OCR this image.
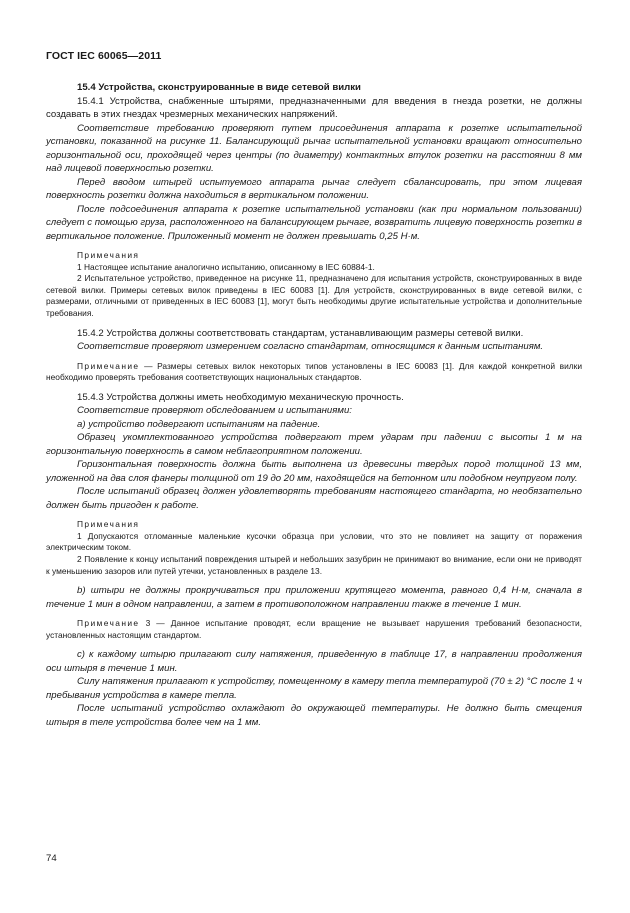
ГОСТ IEC 60065—2011

15.4 Устройства, сконструированные в виде сетевой вилки

15.4.1 Устройства, снабженные штырями, предназначенными для введения в гнезда розетки, не должны создавать в этих гнездах чрезмерных механических напряжений.

Соответствие требованию проверяют путем присоединения аппарата к розетке испытательной установки, показанной на рисунке 11. Балансирующий рычаг испытательной установки вращают относительно горизонтальной оси, проходящей через центры (по диаметру) контактных втулок розетки на расстоянии 8 мм над лицевой поверхностью розетки.

Перед вводом штырей испытуемого аппарата рычаг следует сбалансировать, при этом лицевая поверхность розетки должна находиться в вертикальном положении.

После подсоединения аппарата к розетке испытательной установки (как при нормальном пользовании) следует с помощью груза, расположенного на балансирующем рычаге, возвратить лицевую поверхность розетки в вертикальное положение. Приложенный момент не должен превышать 0,25 Н·м.

Примечания

1 Настоящее испытание аналогично испытанию, описанному в IEC 60884-1.

2 Испытательное устройство, приведенное на рисунке 11, предназначено для испытания устройств, сконструированных в виде сетевой вилки. Примеры сетевых вилок приведены в IEC 60083 [1]. Для устройств, сконструированных в виде сетевой вилки, с размерами, отличными от приведенных в IEC 60083 [1], могут быть необходимы другие испытательные устройства и дополнительные требования.

15.4.2 Устройства должны соответствовать стандартам, устанавливающим размеры сетевой вилки.

Соответствие проверяют измерением согласно стандартам, относящимся к данным испытаниям.

Примечание — Размеры сетевых вилок некоторых типов установлены в IEC 60083 [1]. Для каждой конкретной вилки необходимо проверять требования соответствующих национальных стандартов.

15.4.3 Устройства должны иметь необходимую механическую прочность.

Соответствие проверяют обследованием и испытаниями:

а) устройство подвергают испытаниям на падение.

Образец укомплектованного устройства подвергают трем ударам при падении с высоты 1 м на горизонтальную поверхность в самом неблагоприятном положении.

Горизонтальная поверхность должна быть выполнена из древесины твердых пород толщиной 13 мм, уложенной на два слоя фанеры толщиной от 19 до 20 мм, находящейся на бетонном или подобном неупругом полу.

После испытаний образец должен удовлетворять требованиям настоящего стандарта, но необязательно должен быть пригоден к работе.

Примечания

1 Допускаются отломанные маленькие кусочки образца при условии, что это не повлияет на защиту от поражения электрическим током.

2 Появление к концу испытаний повреждения штырей и небольших зазубрин не принимают во внимание, если они не приводят к уменьшению зазоров или путей утечки, установленных в разделе 13.

b) штыри не должны прокручиваться при приложении крутящего момента, равного 0,4 Н·м, сначала в течение 1 мин в одном направлении, а затем в противоположном направлении также в течение 1 мин.

Примечание 3 — Данное испытание проводят, если вращение не вызывает нарушения требований безопасности, установленных настоящим стандартом.

c) к каждому штырю прилагают силу натяжения, приведенную в таблице 17, в направлении продолжения оси штыря в течение 1 мин.

Силу натяжения прилагают к устройству, помещенному в камеру тепла температурой (70 ± 2) °С после 1 ч пребывания устройства в камере тепла.

После испытаний устройство охлаждают до окружающей температуры. Не должно быть смещения штыря в теле устройства более чем на 1 мм.

74
